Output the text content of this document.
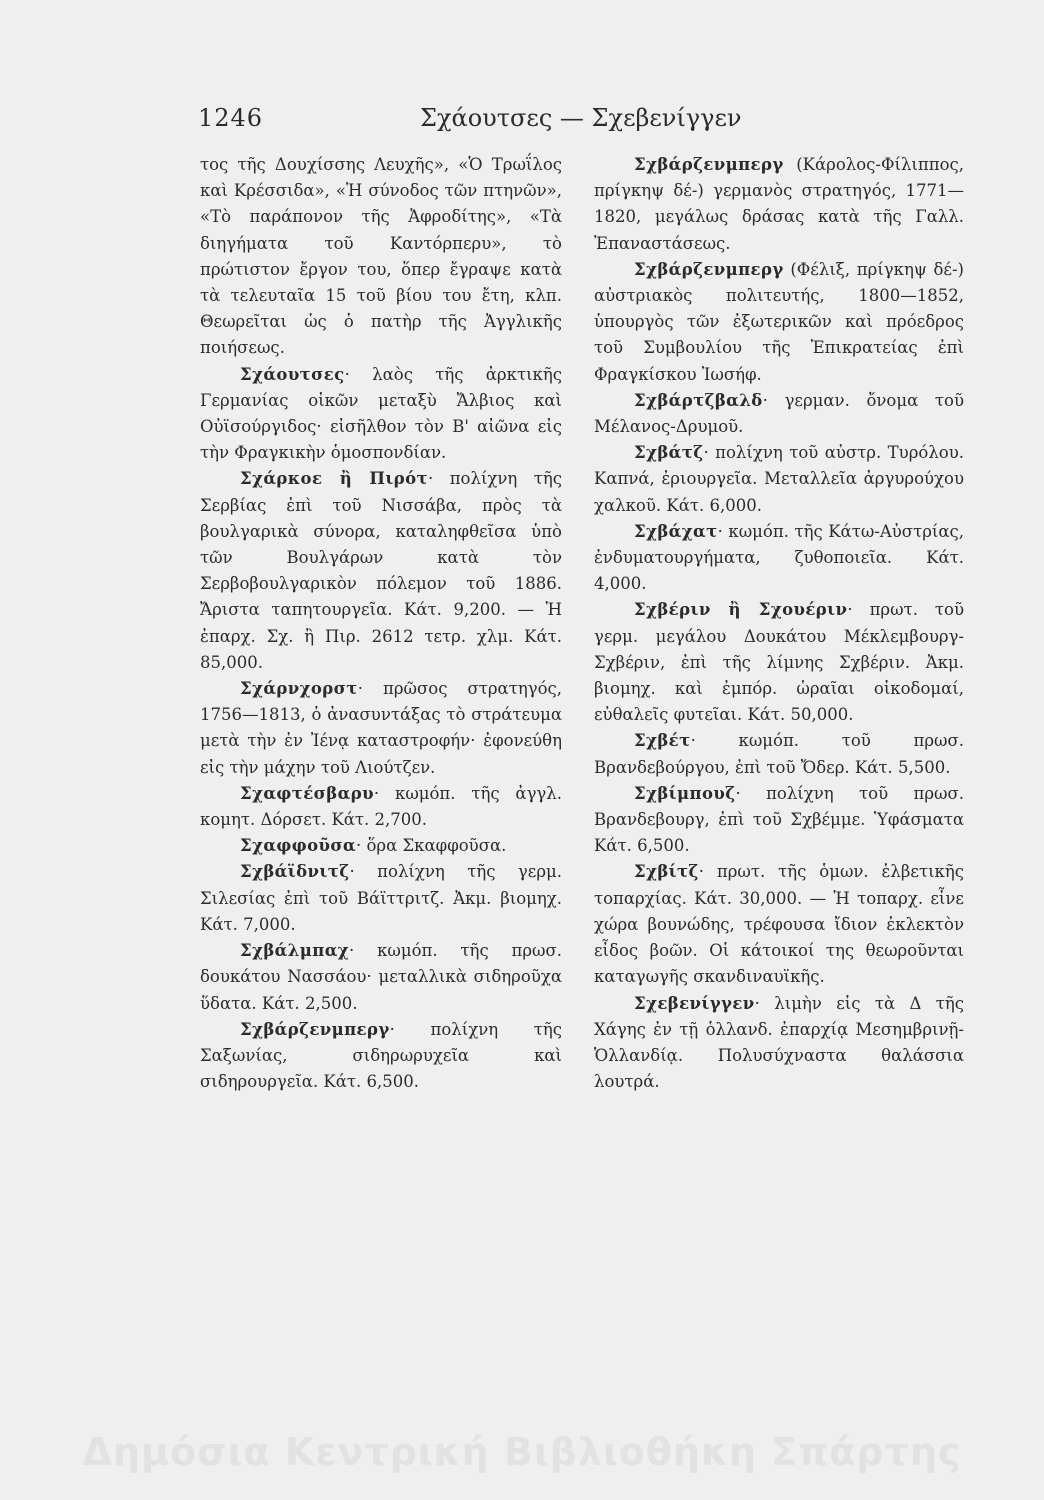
1246	Σχάουτσες — Σχεβενίγγεν

τος τῆς Δουχίσσης Λευχῆς», «Ὁ Τρωΐλος καὶ Κρέσσιδα», «Ἡ σύνοδος τῶν πτηνῶν», «Τὸ παράπονον τῆς Ἀφροδίτης», «Τὰ διηγήματα τοῦ Καντόρπερυ», τὸ πρώτιστον ἔργον του, ὅπερ ἔγραψε κατὰ τὰ τελευταῖα 15 τοῦ βίου του ἔτη, κλπ. Θεωρεῖται ὡς ὁ πατὴρ τῆς Ἀγγλικῆς ποιήσεως.

Σχάουτσες· λαὸς τῆς ἀρκτικῆς Γερμανίας οἰκῶν μεταξὺ Ἄλβιος καὶ Οὐϊσούργιδος· εἰσῆλθον τὸν Β' αἰῶνα εἰς τὴν Φραγκικὴν ὁμοσπονδίαν.

Σχάρκοε ἢ Πιρότ· πολίχνη τῆς Σερβίας ἐπὶ τοῦ Νισσάβα, πρὸς τὰ βουλγαρικὰ σύνορα, καταληφθεῖσα ὑπὸ τῶν Βουλγάρων κατὰ τὸν Σερβοβουλγαρικὸν πόλεμον τοῦ 1886. Ἄριστα ταπητουργεῖα. Κάτ. 9,200. — Ἡ ἐπαρχ. Σχ. ἢ Πιρ. 2612 τετρ. χλμ. Κάτ. 85,000.

Σχάρνχορστ· πρῶσος στρατηγός, 1756—1813, ὁ ἀνασυντάξας τὸ στράτευμα μετὰ τὴν ἐν Ἰένᾳ καταστροφήν· ἐφονεύθη εἰς τὴν μάχην τοῦ Λιούτζεν.

Σχαφτέσβαρυ· κωμόπ. τῆς ἀγγλ. κομητ. Δόρσετ. Κάτ. 2,700.

Σχαφφοῦσα· ὅρα Σκαφφοῦσα.

Σχβάϊδνιτζ· πολίχνη τῆς γερμ. Σιλεσίας ἐπὶ τοῦ Βάϊττριτζ. Ἀκμ. βιομηχ. Κάτ. 7,000.

Σχβάλμπαχ· κωμόπ. τῆς πρωσ. δουκάτου Νασσάου· μεταλλικὰ σιδηροῦχα ὕδατα. Κάτ. 2,500.

Σχβάρζενμπεργ· πολίχνη τῆς Σαξωνίας, σιδηρωρυχεῖα καὶ σιδηρουργεῖα. Κάτ. 6,500.

Σχβάρζενμπεργ (Κάρολος-Φίλιππος, πρίγκηψ δέ-) γερμανὸς στρατηγός, 1771—1820, μεγάλως δράσας κατὰ τῆς Γαλλ. Ἐπαναστάσεως.

Σχβάρζενμπεργ (Φέλιξ, πρίγκηψ δέ-) αὐστριακὸς πολιτευτής, 1800—1852, ὑπουργὸς τῶν ἐξωτερικῶν καὶ πρόεδρος τοῦ Συμβουλίου τῆς Ἐπικρατείας ἐπὶ Φραγκίσκου Ἰωσήφ.

Σχβάρτζβαλδ· γερμαν. ὄνομα τοῦ Μέλανος-Δρυμοῦ.

Σχβάτζ· πολίχνη τοῦ αὐστρ. Τυρόλου. Καπνά, ἐριουργεῖα. Μεταλλεῖα ἀργυρούχου χαλκοῦ. Κάτ. 6,000.

Σχβάχατ· κωμόπ. τῆς Κάτω-Αὐστρίας, ἐνδυματουργήματα, ζυθοποιεῖα. Κάτ. 4,000.

Σχβέριν ἢ Σχουέριν· πρωτ. τοῦ γερμ. μεγάλου Δουκάτου Μέκλεμβουργ-Σχβέριν, ἐπὶ τῆς λίμνης Σχβέριν. Ἀκμ. βιομηχ. καὶ ἐμπόρ. ὡραῖαι οἰκοδομαί, εὐθαλεῖς φυτεῖαι. Κάτ. 50,000.

Σχβέτ· κωμόπ. τοῦ πρωσ. Βρανδεβούργου, ἐπὶ τοῦ Ὄδερ. Κάτ. 5,500.

Σχβίμπουζ· πολίχνη τοῦ πρωσ. Βρανδεβουργ, ἐπὶ τοῦ Σχβέμμε. Ὑφάσματα Κάτ. 6,500.

Σχβίτζ· πρωτ. τῆς ὁμων. ἑλβετικῆς τοπαρχίας. Κάτ. 30,000. — Ἡ τοπαρχ. εἶνε χώρα βουνώδης, τρέφουσα ἴδιον ἐκλεκτὸν εἶδος βοῶν. Οἱ κάτοικοί της θεωροῦνται καταγωγῆς σκανδιναυϊκῆς.

Σχεβενίγγεν· λιμὴν εἰς τὰ Δ τῆς Χάγης ἐν τῇ ὁλλανδ. ἐπαρχίᾳ Μεσημβρινῇ-Ὁλλανδίᾳ. Πολυσύχναστα θαλάσσια λουτρά.

Δημόσια Κεντρική Βιβλιοθήκη Σπάρτης
